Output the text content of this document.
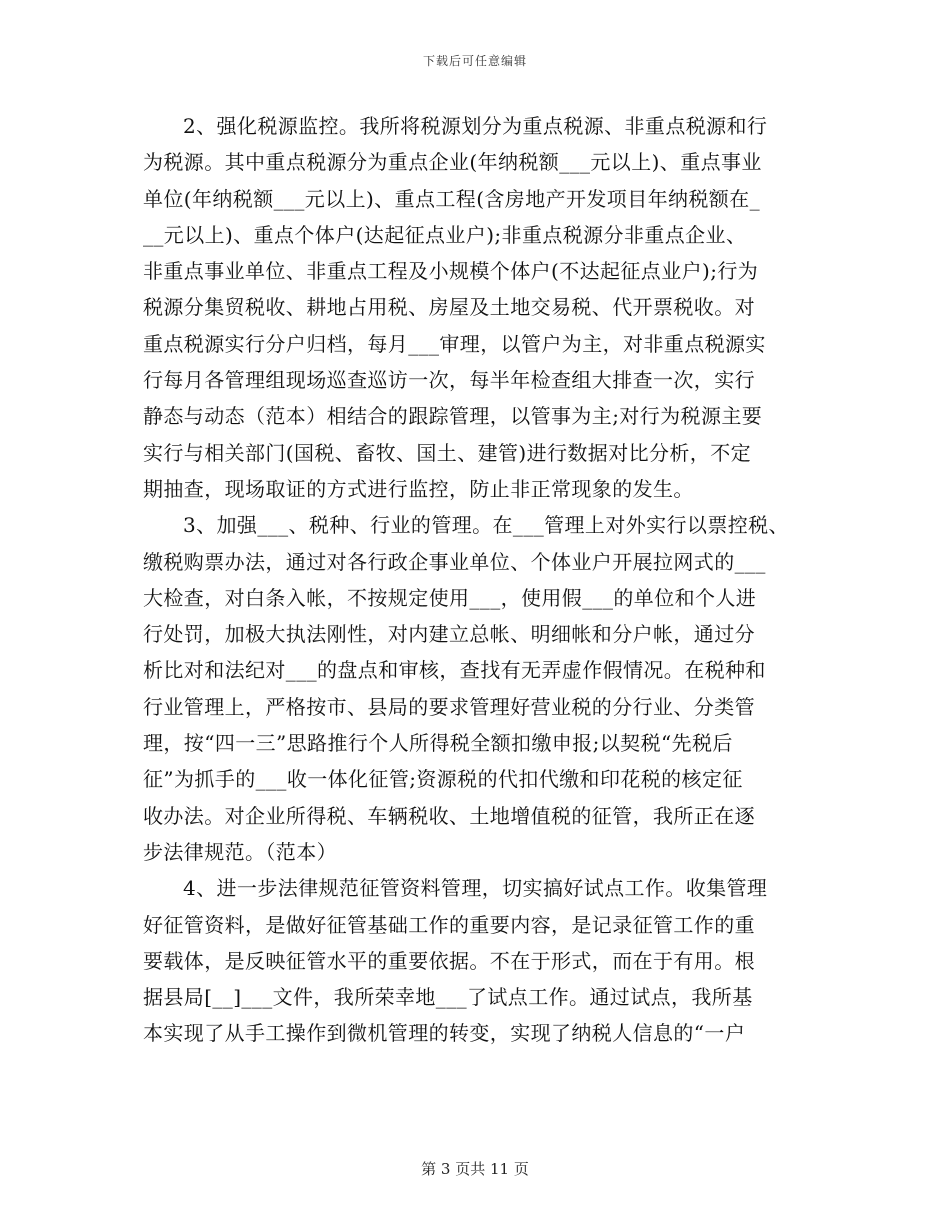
下载后可任意编辑
2、强化税源监控。我所将税源划分为重点税源、非重点税源和行
为税源。其中重点税源分为重点企业(年纳税额___元以上)、重点事业
单位(年纳税额___元以上)、重点工程(含房地产开发项目年纳税额在_
__元以上)、重点个体户(达起征点业户);非重点税源分非重点企业、
非重点事业单位、非重点工程及小规模个体户(不达起征点业户);行为
税源分集贸税收、耕地占用税、房屋及土地交易税、代开票税收。对
重点税源实行分户归档，每月___审理，以管户为主，对非重点税源实
行每月各管理组现场巡查巡访一次，每半年检查组大排查一次，实行
静态与动态（范本）相结合的跟踪管理，以管事为主;对行为税源主要
实行与相关部门(国税、畜牧、国土、建管)进行数据对比分析，不定
期抽查，现场取证的方式进行监控，防止非正常现象的发生。
3、加强___、税种、行业的管理。在___管理上对外实行以票控税、
缴税购票办法，通过对各行政企事业单位、个体业户开展拉网式的___
大检查，对白条入帐，不按规定使用___，使用假___的单位和个人进
行处罚，加极大执法刚性，对内建立总帐、明细帐和分户帐，通过分
析比对和法纪对___的盘点和审核，查找有无弄虚作假情况。在税种和
行业管理上，严格按市、县局的要求管理好营业税的分行业、分类管
理，按“四一三”思路推行个人所得税全额扣缴申报;以契税“先税后
征”为抓手的___收一体化征管;资源税的代扣代缴和印花税的核定征
收办法。对企业所得税、车辆税收、土地增值税的征管，我所正在逐
步法律规范。（范本）
4、进一步法律规范征管资料管理，切实搞好试点工作。收集管理
好征管资料，是做好征管基础工作的重要内容，是记录征管工作的重
要载体，是反映征管水平的重要依据。不在于形式，而在于有用。根
据县局[__]___文件，我所荣幸地___了试点工作。通过试点，我所基
本实现了从手工操作到微机管理的转变，实现了纳税人信息的“一户
第 3 页共 11 页
